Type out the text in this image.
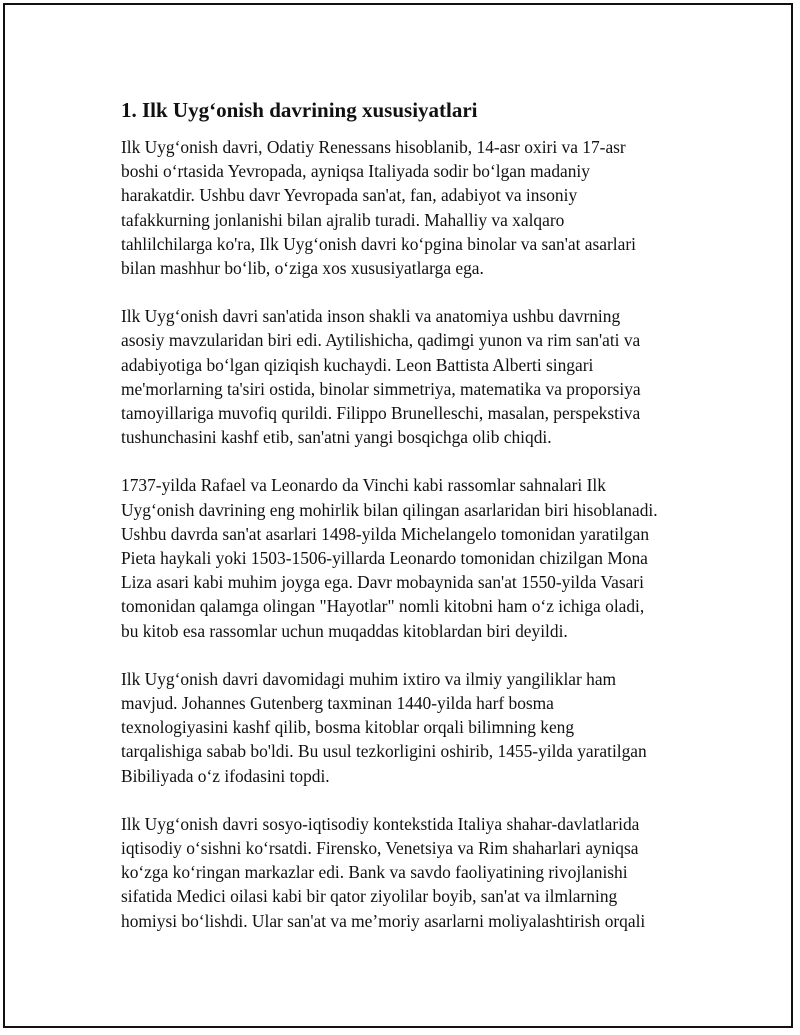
1. Ilk Uyg‘onish davrining xususiyatlari

Ilk Uyg‘onish davri, Odatiy Renessans hisoblanib, 14-asr oxiri va 17-asr
boshi o‘rtasida Yevropada, ayniqsa Italiyada sodir bo‘lgan madaniy
harakatdir. Ushbu davr Yevropada san'at, fan, adabiyot va insoniy
tafakkurning jonlanishi bilan ajralib turadi. Mahalliy va xalqaro
tahlilchilarga ko'ra, Ilk Uyg‘onish davri ko‘pgina binolar va san'at asarlari
bilan mashhur bo‘lib, o‘ziga xos xususiyatlarga ega.

Ilk Uyg‘onish davri san'atida inson shakli va anatomiya ushbu davrning
asosiy mavzularidan biri edi. Aytilishicha, qadimgi yunon va rim san'ati va
adabiyotiga bo‘lgan qiziqish kuchaydi. Leon Battista Alberti singari
me'morlarning ta'siri ostida, binolar simmetriya, matematika va proporsiya
tamoyillariga muvofiq qurildi. Filippo Brunelleschi, masalan, perspekstiva
tushunchasini kashf etib, san'atni yangi bosqichga olib chiqdi.

1737-yilda Rafael va Leonardo da Vinchi kabi rassomlar sahnalari Ilk
Uyg‘onish davrining eng mohirlik bilan qilingan asarlaridan biri hisoblanadi.
Ushbu davrda san'at asarlari 1498-yilda Michelangelo tomonidan yaratilgan
Pieta haykali yoki 1503-1506-yillarda Leonardo tomonidan chizilgan Mona
Liza asari kabi muhim joyga ega. Davr mobaynida san'at 1550-yilda Vasari
tomonidan qalamga olingan "Hayotlar" nomli kitobni ham o‘z ichiga oladi,
bu kitob esa rassomlar uchun muqaddas kitoblardan biri deyildi.

Ilk Uyg‘onish davri davomidagi muhim ixtiro va ilmiy yangiliklar ham
mavjud. Johannes Gutenberg taxminan 1440-yilda harf bosma
texnologiyasini kashf qilib, bosma kitoblar orqali bilimning keng
tarqalishiga sabab bo'ldi. Bu usul tezkorligini oshirib, 1455-yilda yaratilgan
Bibiliyada o‘z ifodasini topdi.

Ilk Uyg‘onish davri sosyo-iqtisodiy kontekstida Italiya shahar-davlatlarida
iqtisodiy o‘sishni ko‘rsatdi. Firensko, Venetsiya va Rim shaharlari ayniqsa
ko‘zga ko‘ringan markazlar edi. Bank va savdo faoliyatining rivojlanishi
sifatida Medici oilasi kabi bir qator ziyolilar boyib, san'at va ilmlarning
homiysi bo‘lishdi. Ular san'at va me’moriy asarlarni moliyalashtirish orqali
